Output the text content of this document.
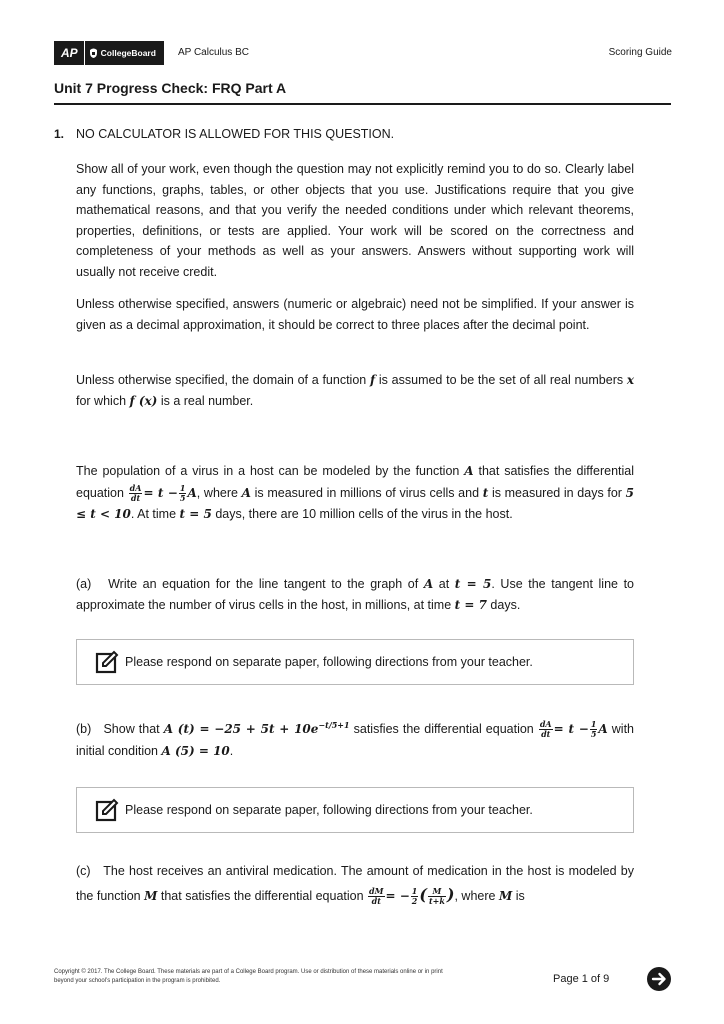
AP	CollegeBoard AP Calculus BC	Scoring Guide
Unit 7 Progress Check: FRQ Part A
1. NO CALCULATOR IS ALLOWED FOR THIS QUESTION.
Show all of your work, even though the question may not explicitly remind you to do so. Clearly label any functions, graphs, tables, or other objects that you use. Justifications require that you give mathematical reasons, and that you verify the needed conditions under which relevant theorems, properties, definitions, or tests are applied. Your work will be scored on the correctness and completeness of your methods as well as your answers. Answers without supporting work will usually not receive credit.
Unless otherwise specified, answers (numeric or algebraic) need not be simplified. If your answer is given as a decimal approximation, it should be correct to three places after the decimal point.
Unless otherwise specified, the domain of a function f is assumed to be the set of all real numbers x for which f (x) is a real number.
The population of a virus in a host can be modeled by the function A that satisfies the differential equation $\frac{dA}{dt} = t - \frac{1}{5} A$, where A is measured in millions of virus cells and t is measured in days for 5 ≤ t < 10. At time t = 5 days, there are 10 million cells of the virus in the host.
(a) Write an equation for the line tangent to the graph of A at t = 5. Use the tangent line to approximate the number of virus cells in the host, in millions, at time t = 7 days.
Please respond on separate paper, following directions from your teacher.
(b) Show that A $(t) = -25 + 5t + 10e^{-t/5+1}$ satisfies the differential equation $\frac{dA}{dt} = t - \frac{1}{5}$ A with initial condition A (5) = 10.
Please respond on separate paper, following directions from your teacher.
(c) The host receives an antiviral medication. The amount of medication in the host is modeled by the function M that satisfies the differential equation $\frac{dM}{dt}$ = − $\frac{1}{2}$ ( $\frac{M}{t+k}$ ), where M is
Copyright © 2017. The College Board. These materials are part of a College Board program. Use or distribution of these materials online or in print beyond your school’s participation in the program is prohibited.	Page 1 of 9
